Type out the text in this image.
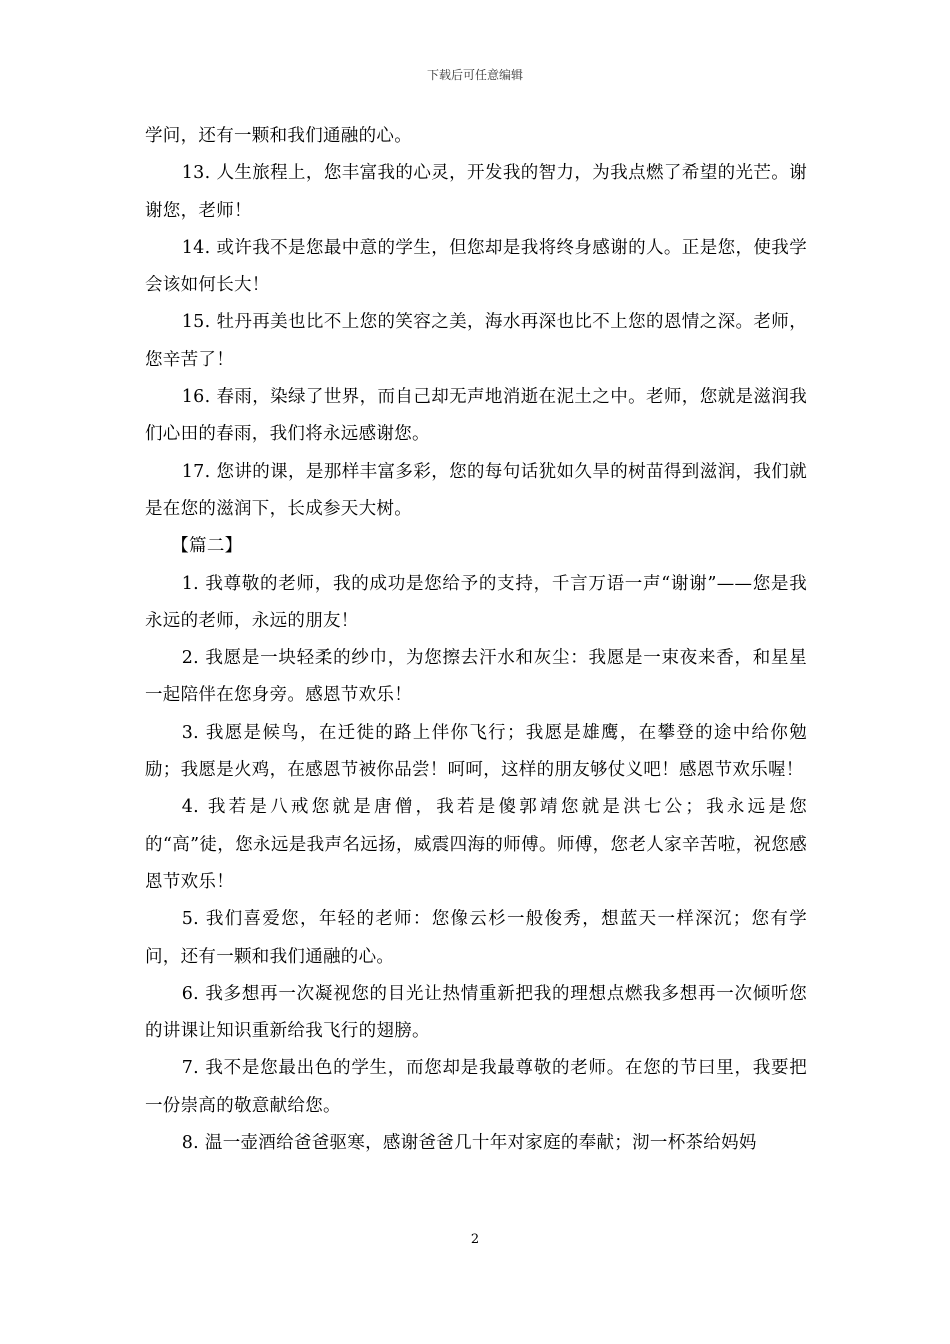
下载后可任意编辑

学问，还有一颗和我们通融的心。

13. 人生旅程上，您丰富我的心灵，开发我的智力，为我点燃了希望的光芒。谢谢您，老师！

14. 或许我不是您最中意的学生，但您却是我将终身感谢的人。正是您，使我学会该如何长大！

15. 牡丹再美也比不上您的笑容之美，海水再深也比不上您的恩情之深。老师，您辛苦了！

16. 春雨，染绿了世界，而自己却无声地消逝在泥土之中。老师，您就是滋润我们心田的春雨，我们将永远感谢您。

17. 您讲的课，是那样丰富多彩，您的每句话犹如久旱的树苗得到滋润，我们就是在您的滋润下，长成参天大树。

【篇二】

1. 我尊敬的老师，我的成功是您给予的支持，千言万语一声“谢谢”——您是我永远的老师，永远的朋友！

2. 我愿是一块轻柔的纱巾，为您擦去汗水和灰尘：我愿是一束夜来香，和星星一起陪伴在您身旁。感恩节欢乐！

3. 我愿是候鸟，在迁徙的路上伴你飞行；我愿是雄鹰，在攀登的途中给你勉励；我愿是火鸡，在感恩节被你品尝！呵呵，这样的朋友够仗义吧！感恩节欢乐喔！

4. 我若是八戒您就是唐僧，我若是傻郭靖您就是洪七公；我永远是您的“高”徒，您永远是我声名远扬，威震四海的师傅。师傅，您老人家辛苦啦，祝您感恩节欢乐！

5. 我们喜爱您，年轻的老师：您像云杉一般俊秀，想蓝天一样深沉；您有学问，还有一颗和我们通融的心。

6. 我多想再一次凝视您的目光让热情重新把我的理想点燃我多想再一次倾听您的讲课让知识重新给我飞行的翅膀。

7. 我不是您最出色的学生，而您却是我最尊敬的老师。在您的节曰里，我要把一份崇高的敬意献给您。

8. 温一壶酒给爸爸驱寒，感谢爸爸几十年对家庭的奉献；沏一杯茶给妈妈

2
